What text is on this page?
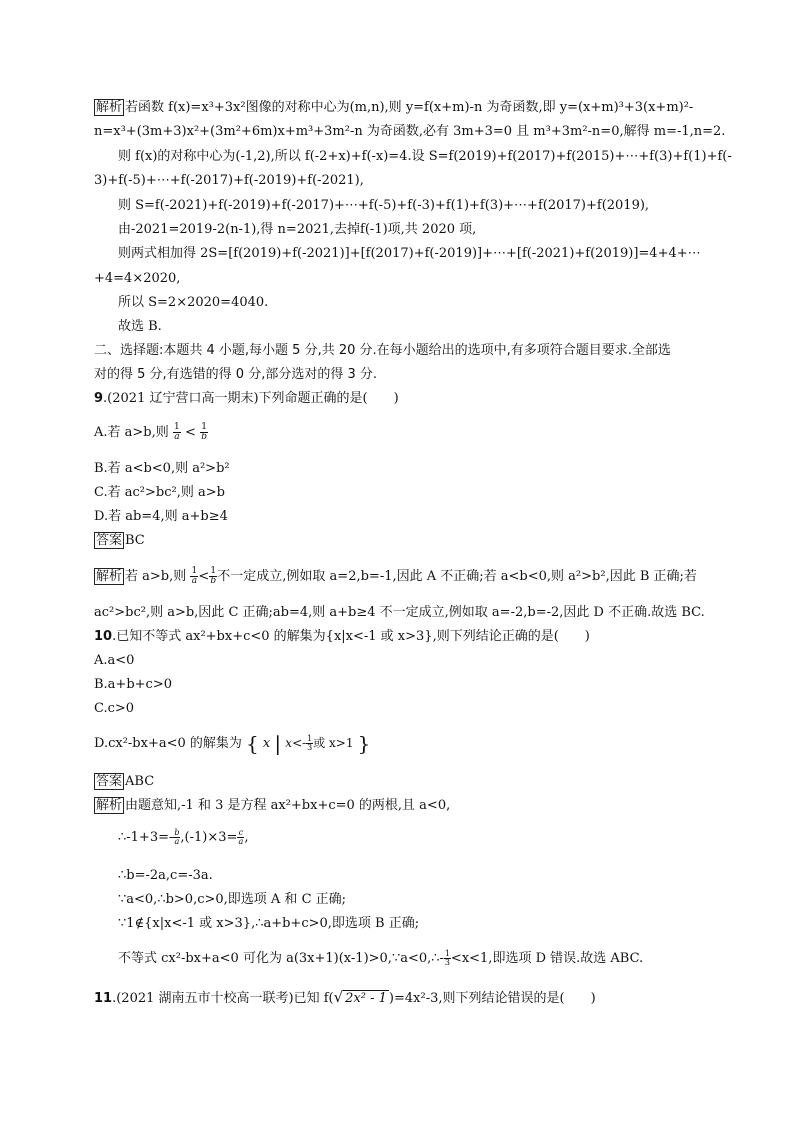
解析 若函数 f(x)=x³+3x²图像的对称中心为(m,n),则 y=f(x+m)-n 为奇函数,即 y=(x+m)³+3(x+m)²-
n=x³+(3m+3)x²+(3m²+6m)x+m³+3m²-n 为奇函数,必有 3m+3=0 且 m³+3m²-n=0,解得 m=-1,n=2.
则 f(x)的对称中心为(-1,2),所以 f(-2+x)+f(-x)=4.设 S=f(2019)+f(2017)+f(2015)+⋯+f(3)+f(1)+f(-
3)+f(-5)+⋯+f(-2017)+f(-2019)+f(-2021),
则 S=f(-2021)+f(-2019)+f(-2017)+⋯+f(-5)+f(-3)+f(1)+f(3)+⋯+f(2017)+f(2019),
由-2021=2019-2(n-1),得 n=2021,去掉f(-1)项,共 2020 项,
则两式相加得 2S=[f(2019)+f(-2021)]+[f(2017)+f(-2019)]+⋯+[f(-2021)+f(2019)]=4+4+⋯
+4=4×2020,
所以 S=2×2020=4040.
故选 B.
二、选择题:本题共 4 小题,每小题 5 分,共 20 分.在每小题给出的选项中,有多项符合题目要求.全部选
对的得 5 分,有选错的得 0 分,部分选对的得 3 分.
9.(2021 辽宁营口高一期末)下列命题正确的是(　　)
A.若 a>b,则 $\frac{1}{a} < \frac{1}{b}$
B.若 a<b<0,则 a²>b²
C.若 ac²>bc²,则 a>b
D.若 ab=4,则 a+b≥4
答案 BC
解析 若 a>b,则 $\frac{1}{a} < \frac{1}{b}$ 不一定成立,例如取 a=2,b=-1,因此 A 不正确;若 a<b<0,则 a²>b²,因此 B 正确;若
ac²>bc²,则 a>b,因此 C 正确;ab=4,则 a+b≥4 不一定成立,例如取 a=-2,b=-2,因此 D 不正确.故选 BC.
10.已知不等式 ax²+bx+c<0 的解集为{x|x<-1 或 x>3},则下列结论正确的是(　　)
A.a<0
B.a+b+c>0
C.c>0
D.cx²-bx+a<0 的解集为 { x | $x<- \frac{1}{3}$ 或 x>1 }
答案 ABC
解析 由题意知,-1 和 3 是方程 ax²+bx+c=0 的两根,且 a<0,
∴-1+3=- $\frac{b}{a} ,(-1)\times 3= \frac{c}{a}$ ,
∴b=-2a,c=-3a.
∵a<0,∴b>0,c>0,即选项 A 和 C 正确;
∵1∉{x|x<-1 或 x>3},∴a+b+c>0,即选项 B 正确;
不等式 cx²-bx+a<0 可化为 a(3x+1)(x-1)>0,∵a<0,∴- $\frac{1}{3} <x<1$,即选项 D 错误.故选 ABC.
11.(2021 湖南五市十校高一联考)已知 f(√ 2x² - 1 )=4x²-3,则下列结论错误的是(　　)
